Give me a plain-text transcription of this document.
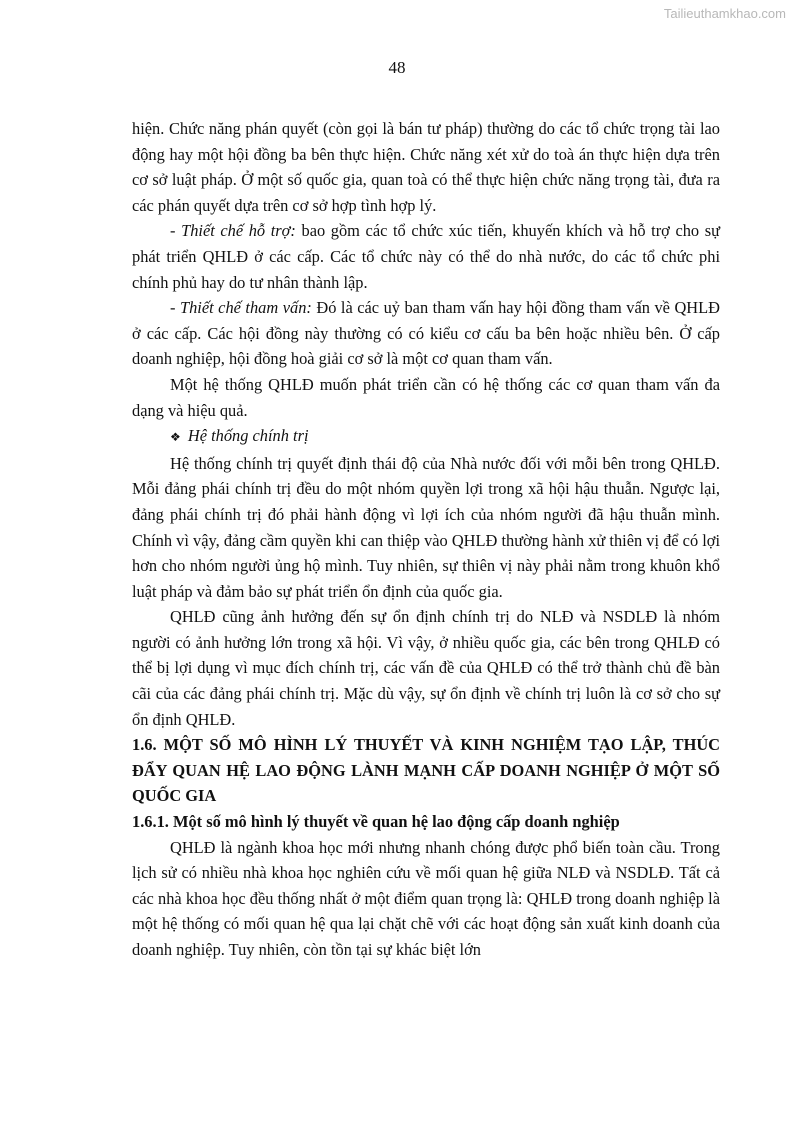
Tailieuthamkhao.com
48

hiện. Chức năng phán quyết (còn gọi là bán tư pháp) thường do các tổ chức trọng tài lao động hay một hội đồng ba bên thực hiện. Chức năng xét xử do toà án thực hiện dựa trên cơ sở luật pháp. Ở một số quốc gia, quan toà có thể thực hiện chức năng trọng tài, đưa ra các phán quyết dựa trên cơ sở hợp tình hợp lý.

- Thiết chế hỗ trợ: bao gồm các tổ chức xúc tiến, khuyến khích và hỗ trợ cho sự phát triển QHLĐ ở các cấp. Các tổ chức này có thể do nhà nước, do các tổ chức phi chính phủ hay do tư nhân thành lập.

- Thiết chế tham vấn: Đó là các uỷ ban tham vấn hay hội đồng tham vấn về QHLĐ ở các cấp. Các hội đồng này thường có có kiểu cơ cấu ba bên hoặc nhiều bên. Ở cấp doanh nghiệp, hội đồng hoà giải cơ sở là một cơ quan tham vấn.

Một hệ thống QHLĐ muốn phát triển cần có hệ thống các cơ quan tham vấn đa dạng và hiệu quả.

❖ Hệ thống chính trị

Hệ thống chính trị quyết định thái độ của Nhà nước đối với mỗi bên trong QHLĐ. Mỗi đảng phái chính trị đều do một nhóm quyền lợi trong xã hội hậu thuẫn. Ngược lại, đảng phái chính trị đó phải hành động vì lợi ích của nhóm người đã hậu thuẫn mình. Chính vì vậy, đảng cầm quyền khi can thiệp vào QHLĐ thường hành xử thiên vị để có lợi hơn cho nhóm người ủng hộ mình. Tuy nhiên, sự thiên vị này phải nằm trong khuôn khổ luật pháp và đảm bảo sự phát triển ổn định của quốc gia.

QHLĐ cũng ảnh hưởng đến sự ổn định chính trị do NLĐ và NSDLĐ là nhóm người có ảnh hưởng lớn trong xã hội. Vì vậy, ở nhiều quốc gia, các bên trong QHLĐ có thể bị lợi dụng vì mục đích chính trị, các vấn đề của QHLĐ có thể trở thành chủ đề bàn cãi của các đảng phái chính trị. Mặc dù vậy, sự ổn định về chính trị luôn là cơ sở cho sự ổn định QHLĐ.

1.6. MỘT SỐ MÔ HÌNH LÝ THUYẾT VÀ KINH NGHIỆM TẠO LẬP, THÚC ĐẨY QUAN HỆ LAO ĐỘNG LÀNH MẠNH CẤP DOANH NGHIỆP Ở MỘT SỐ QUỐC GIA

1.6.1. Một số mô hình lý thuyết về quan hệ lao động cấp doanh nghiệp

QHLĐ là ngành khoa học mới nhưng nhanh chóng được phổ biến toàn cầu. Trong lịch sử có nhiều nhà khoa học nghiên cứu về mối quan hệ giữa NLĐ và NSDLĐ. Tất cả các nhà khoa học đều thống nhất ở một điểm quan trọng là: QHLĐ trong doanh nghiệp là một hệ thống có mối quan hệ qua lại chặt chẽ với các hoạt động sản xuất kinh doanh của doanh nghiệp. Tuy nhiên, còn tồn tại sự khác biệt lớn
